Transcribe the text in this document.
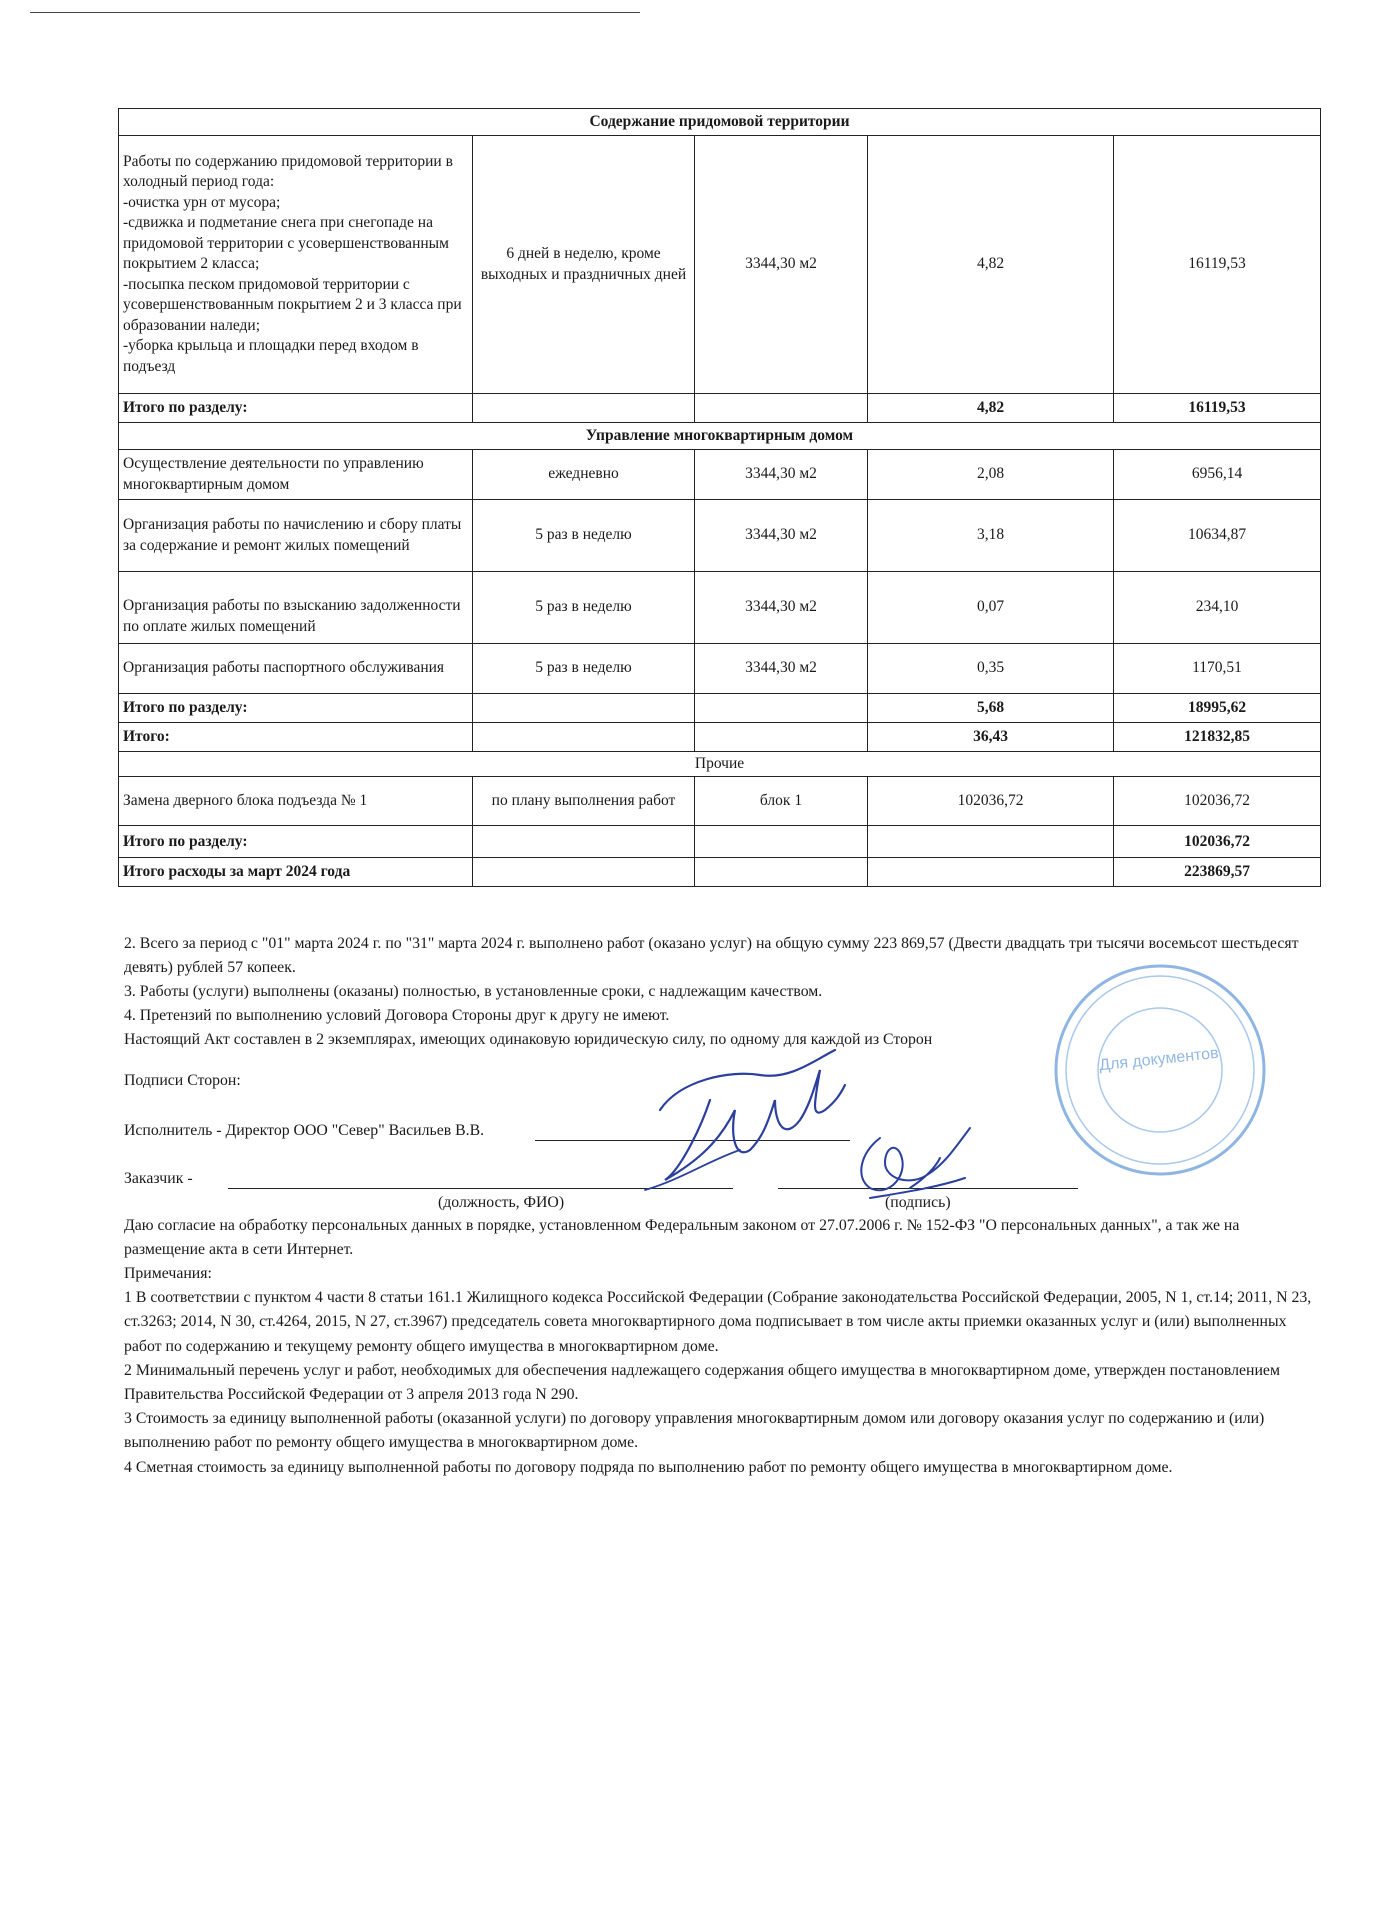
Содержание придомовой территории				

Работы по содержанию придомовой территории в холодный период года:
-очистка урн от мусора;
-сдвижка и подметание снега при снегопаде на придомовой территории с усовершенствованным покрытием 2 класса;
-посыпка песком придомовой территории с усовершенствованным покрытием 2 и 3 класса при образовании наледи;
-уборка крыльца и площадки перед входом в подъезд	6 дней в неделю, кроме выходных и праздничных дней	3344,30 м2	4,82	16119,53
Итого по разделу:			4,82	16119,53
Управление многоквартирным домом				
Осуществление деятельности по управлению многоквартирным домом	ежедневно	3344,30 м2	2,08	6956,14
Организация работы по начислению и сбору платы за содержание и ремонт жилых помещений	5 раз в неделю	3344,30 м2	3,18	10634,87
Организация работы по взысканию задолженности по оплате жилых помещений	5 раз в неделю	3344,30 м2	0,07	234,10
Организация работы паспортного обслуживания	5 раз в неделю	3344,30 м2	0,35	1170,51
Итого по разделу:			5,68	18995,62
Итого:			36,43	121832,85
Прочие				
Замена дверного блока подъезда № 1	по плану выполнения работ	блок 1	102036,72	102036,72
Итого по разделу:				102036,72
Итого расходы за март 2024 года				223869,57

2. Всего за период с "01" марта 2024 г. по "31" марта 2024 г. выполнено работ (оказано услуг) на общую сумму 223 869,57 (Двести двадцать три тысячи восемьсот шестьдесят девять) рублей 57 копеек.

3. Работы (услуги) выполнены (оказаны) полностью, в установленные сроки, с надлежащим качеством.

4. Претензий по выполнению условий Договора Стороны друг к другу не имеют.

Настоящий Акт составлен в 2 экземплярах, имеющих одинаковую юридическую силу, по одному для каждой из Сторон

Подписи Сторон:
Исполнитель - Директор ООО "Север" Васильев В.В.
Заказчик -
(должность, ФИО)	(подпись)
Для документов
Даю согласие на обработку персональных данных в порядке, установленном Федеральным законом от 27.07.2006 г. № 152-ФЗ "О персональных данных", а так же на размещение акта в сети Интернет.

Примечания:

1 В соответствии с пунктом 4 части 8 статьи 161.1 Жилищного кодекса Российской Федерации (Собрание законодательства Российской Федерации, 2005, N 1, ст.14; 2011, N 23, ст.3263; 2014, N 30, ст.4264, 2015, N 27, ст.3967) председатель совета многоквартирного дома подписывает в том числе акты приемки оказанных услуг и (или) выполненных работ по содержанию и текущему ремонту общего имущества в многоквартирном доме.

2 Минимальный перечень услуг и работ, необходимых для обеспечения надлежащего содержания общего имущества в многоквартирном доме, утвержден постановлением Правительства Российской Федерации от 3 апреля 2013 года N 290.

3 Стоимость за единицу выполненной работы (оказанной услуги) по договору управления многоквартирным домом или договору оказания услуг по содержанию и (или) выполнению работ по ремонту общего имущества в многоквартирном доме.

4 Сметная стоимость за единицу выполненной работы по договору подряда по выполнению работ по ремонту общего имущества в многоквартирном доме.
